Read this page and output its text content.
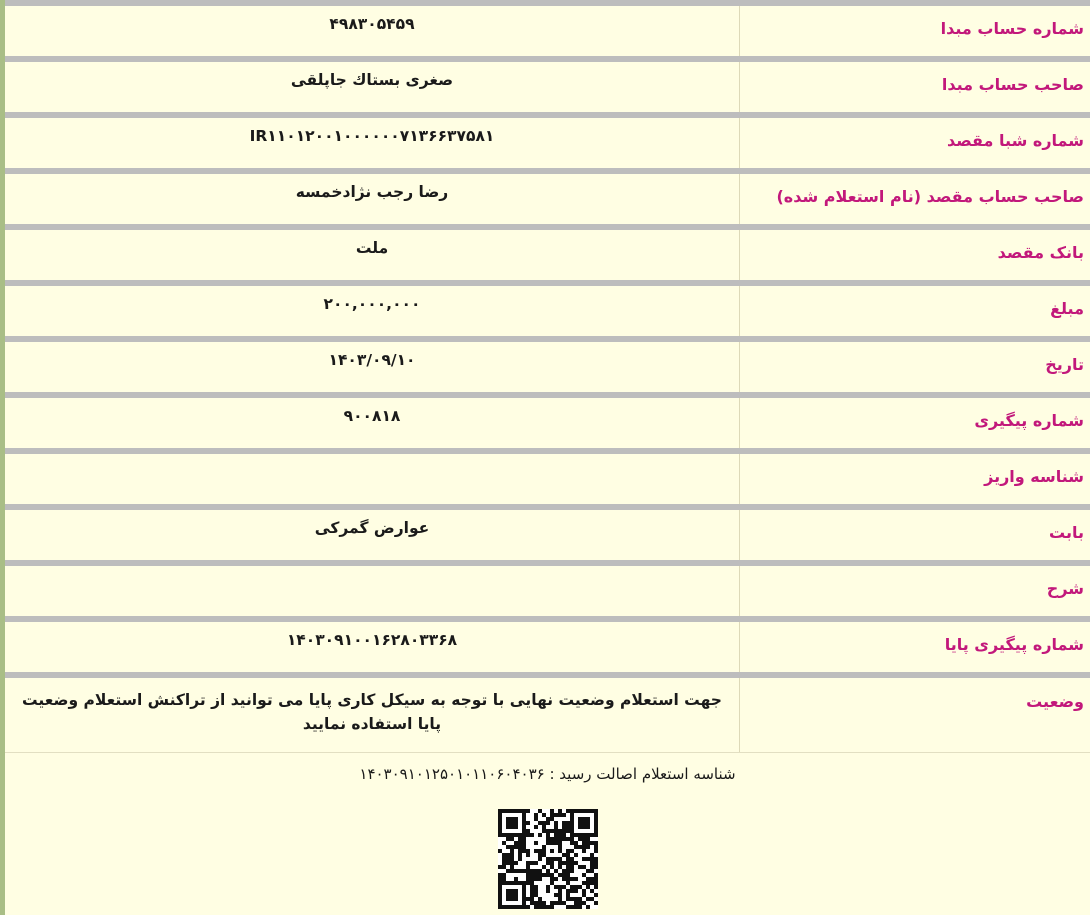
شماره حساب مبدا
۴۹۸۳۰۵۴۵۹
صاحب حساب مبدا
صغری بستاك جاپلقی
شماره شبا مقصد
IR۱۱۰۱۲۰۰۱۰۰۰۰۰۰۷۱۳۶۶۳۷۵۸۱
صاحب حساب مقصد (نام استعلام شده)
رضا رجب نژادخمسه
بانک مقصد
ملت
مبلغ
۲۰۰,۰۰۰,۰۰۰
تاریخ
۱۴۰۳/۰۹/۱۰
شماره پیگیری
۹۰۰۸۱۸
شناسه واریز
بابت
عوارض گمرکی
شرح
شماره پیگیری پایا
۱۴۰۳۰۹۱۰۰۱۶۲۸۰۳۳۶۸
وضعیت
جهت استعلام وضعیت نهایی با توجه به سیکل کاری پایا می توانید از تراکنش استعلام وضعیت پایا استفاده نمایید
شناسه استعلام اصالت رسید : ۱۴۰۳۰۹۱۰۱۲۵۰۱۰۱۱۰۶۰۴۰۳۶
